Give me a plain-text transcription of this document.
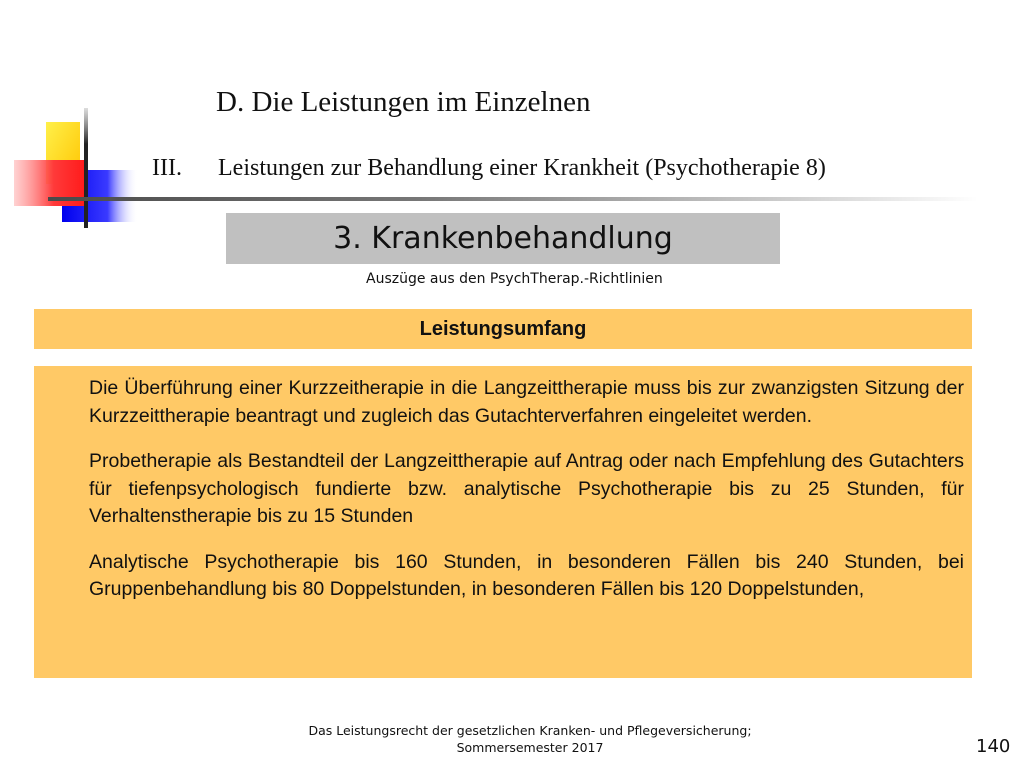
D. Die Leistungen im Einzelnen
III. Leistungen zur Behandlung einer Krankheit (Psychotherapie 8)
3. Krankenbehandlung
Auszüge aus den PsychTherap.-Richtlinien
Leistungsumfang

Die Überführung einer Kurzzeitherapie in die Langzeittherapie muss bis zur zwanzigsten Sitzung der Kurzzeittherapie beantragt und zugleich das Gutachterverfahren eingeleitet werden.

Probetherapie als Bestandteil der Langzeittherapie auf Antrag oder nach Empfehlung des Gutachters für tiefenpsychologisch fundierte bzw. analytische Psychotherapie bis zu 25 Stunden, für Verhaltenstherapie bis zu 15 Stunden

Analytische Psychotherapie bis 160 Stunden, in besonderen Fällen bis 240 Stunden, bei Gruppenbehandlung bis 80 Doppelstunden, in besonderen Fällen bis 120 Doppelstunden,

Das Leistungsrecht der gesetzlichen Kranken- und Pflegeversicherung;
Sommersemester 2017	140
